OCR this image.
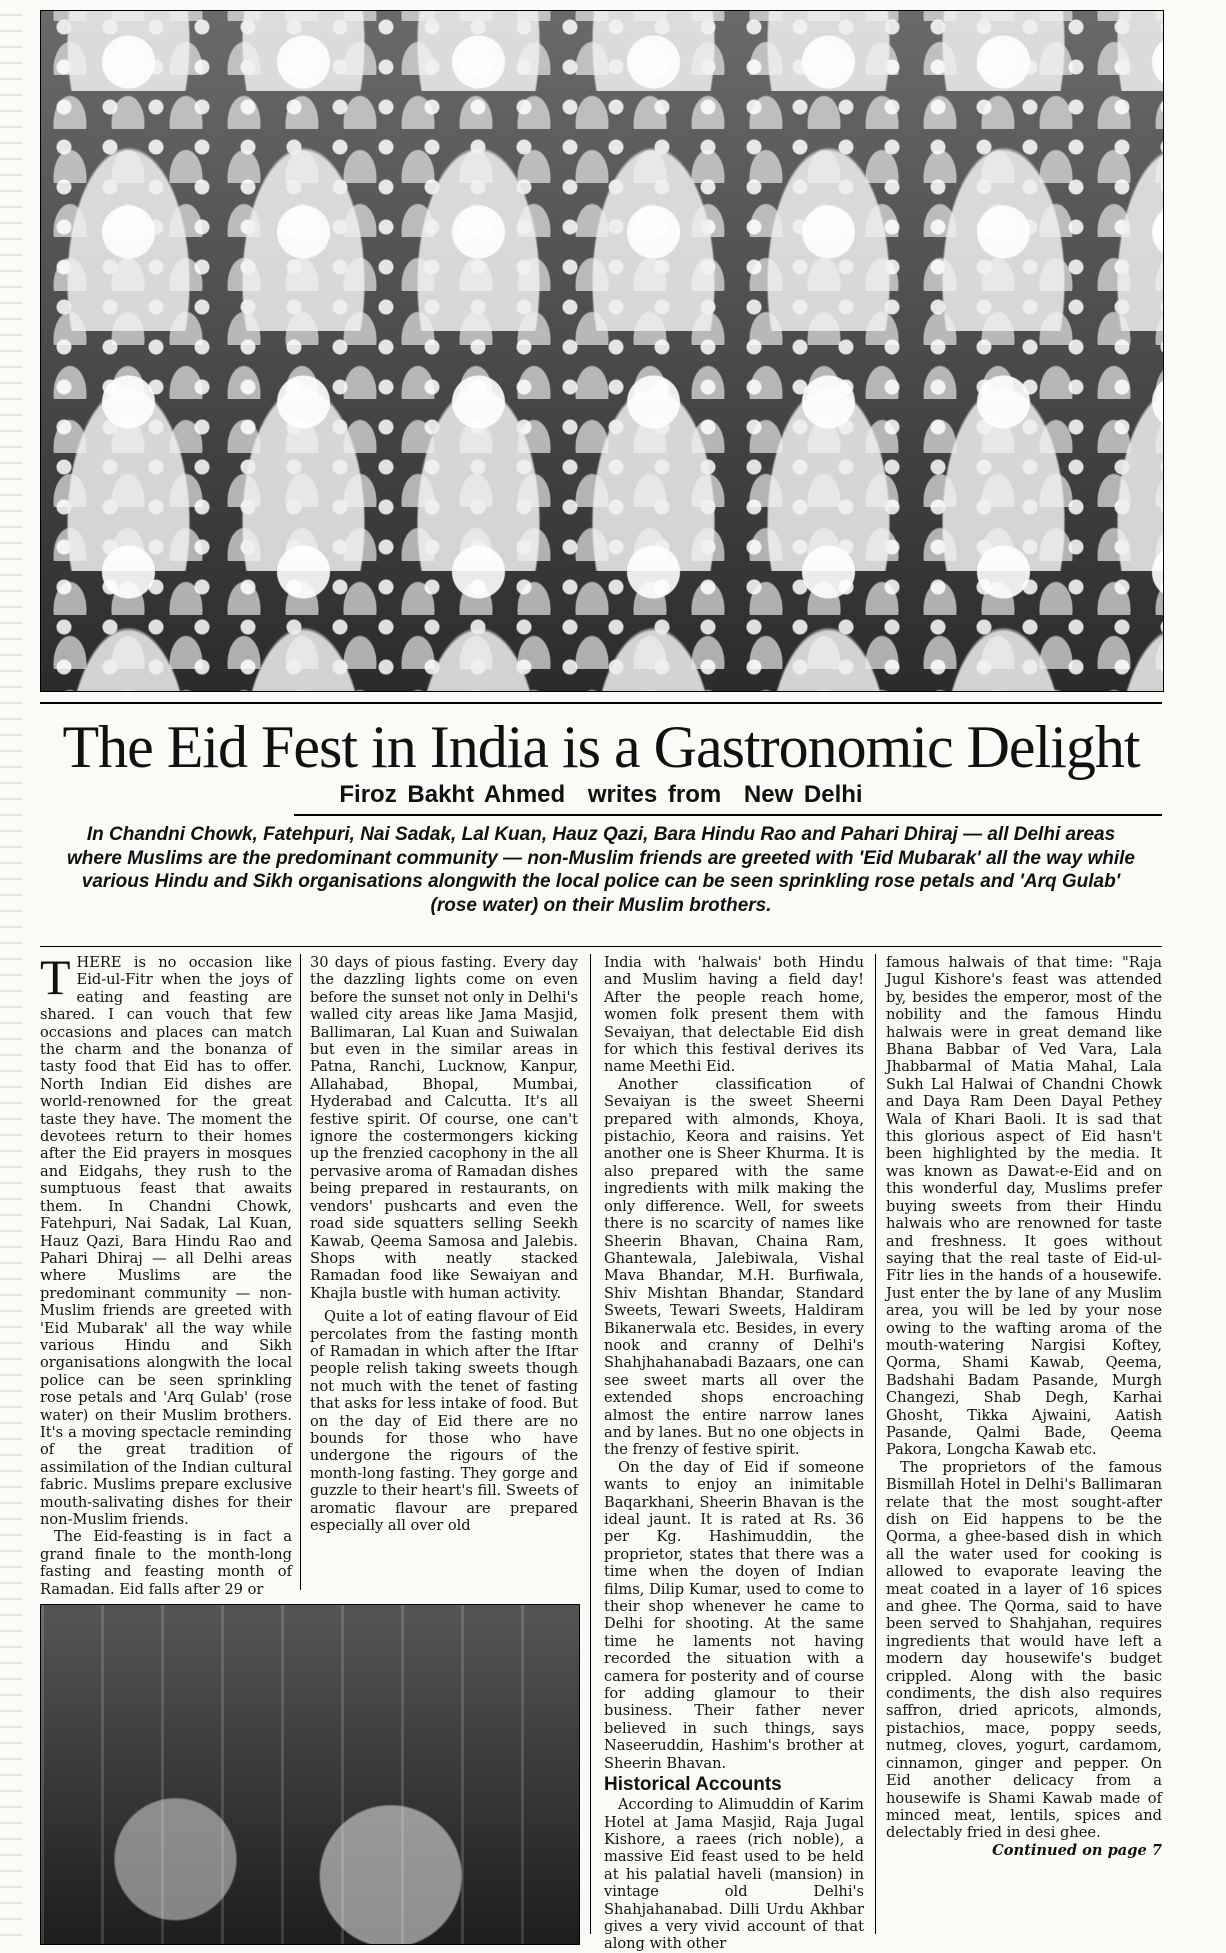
The Eid Fest in India is a Gastronomic Delight
Firoz Bakht Ahmed writes from New Delhi
In Chandni Chowk, Fatehpuri, Nai Sadak, Lal Kuan, Hauz Qazi, Bara Hindu Rao and Pahari Dhiraj — all Delhi areas where Muslims are the predominant community — non-Muslim friends are greeted with 'Eid Mubarak' all the way while various Hindu and Sikh organisations alongwith the local police can be seen sprinkling rose petals and 'Arq Gulab' (rose water) on their Muslim brothers.

THERE is no occasion like Eid-ul-Fitr when the joys of eating and feasting are shared. I can vouch that few occasions and places can match the charm and the bonanza of tasty food that Eid has to offer. North Indian Eid dishes are world-renowned for the great taste they have. The moment the devotees return to their homes after the Eid prayers in mosques and Eidgahs, they rush to the sumptuous feast that awaits them. In Chandni Chowk, Fatehpuri, Nai Sadak, Lal Kuan, Hauz Qazi, Bara Hindu Rao and Pahari Dhiraj — all Delhi areas where Muslims are the predominant community — non-Muslim friends are greeted with 'Eid Mubarak' all the way while various Hindu and Sikh organisations alongwith the local police can be seen sprinkling rose petals and 'Arq Gulab' (rose water) on their Muslim brothers. It's a moving spectacle reminding of the great tradition of assimilation of the Indian cultural fabric. Muslims prepare exclusive mouth-salivating dishes for their non-Muslim friends.

The Eid-feasting is in fact a grand finale to the month-long fasting and feasting month of Ramadan. Eid falls after 29 or

30 days of pious fasting. Every day the dazzling lights come on even before the sunset not only in Delhi's walled city areas like Jama Masjid, Ballimaran, Lal Kuan and Suiwalan but even in the similar areas in Patna, Ranchi, Lucknow, Kanpur, Allahabad, Bhopal, Mumbai, Hyderabad and Calcutta. It's all festive spirit. Of course, one can't ignore the costermongers kicking up the frenzied cacophony in the all pervasive aroma of Ramadan dishes being prepared in restaurants, on vendors' pushcarts and even the road side squatters selling Seekh Kawab, Qeema Samosa and Jalebis. Shops with neatly stacked Ramadan food like Sewaiyan and Khajla bustle with human activity.

Quite a lot of eating flavour of Eid percolates from the fasting month of Ramadan in which after the Iftar people relish taking sweets though not much with the tenet of fasting that asks for less intake of food. But on the day of Eid there are no bounds for those who have undergone the rigours of the month-long fasting. They gorge and guzzle to their heart's fill. Sweets of aromatic flavour are prepared especially all over old

India with 'halwais' both Hindu and Muslim having a field day! After the people reach home, women folk present them with Sevaiyan, that delectable Eid dish for which this festival derives its name Meethi Eid.

Another classification of Sevaiyan is the sweet Sheerni prepared with almonds, Khoya, pistachio, Keora and raisins. Yet another one is Sheer Khurma. It is also prepared with the same ingredients with milk making the only difference. Well, for sweets there is no scarcity of names like Sheerin Bhavan, Chaina Ram, Ghantewala, Jalebiwala, Vishal Mava Bhandar, M.H. Burfiwala, Shiv Mishtan Bhandar, Standard Sweets, Tewari Sweets, Haldiram Bikanerwala etc. Besides, in every nook and cranny of Delhi's Shahjhahanabadi Bazaars, one can see sweet marts all over the extended shops encroaching almost the entire narrow lanes and by lanes. But no one objects in the frenzy of festive spirit.

On the day of Eid if someone wants to enjoy an inimitable Baqarkhani, Sheerin Bhavan is the ideal jaunt. It is rated at Rs. 36 per Kg. Hashimuddin, the proprietor, states that there was a time when the doyen of Indian films, Dilip Kumar, used to come to their shop whenever he came to Delhi for shooting. At the same time he laments not having recorded the situation with a camera for posterity and of course for adding glamour to their business. Their father never believed in such things, says Naseeruddin, Hashim's brother at Sheerin Bhavan.

Historical Accounts

According to Alimuddin of Karim Hotel at Jama Masjid, Raja Jugal Kishore, a raees (rich noble), a massive Eid feast used to be held at his palatial haveli (mansion) in vintage old Delhi's Shahjahanabad. Dilli Urdu Akhbar gives a very vivid account of that along with other

famous halwais of that time: "Raja Jugul Kishore's feast was attended by, besides the emperor, most of the nobility and the famous Hindu halwais were in great demand like Bhana Babbar of Ved Vara, Lala Jhabbarmal of Matia Mahal, Lala Sukh Lal Halwai of Chandni Chowk and Daya Ram Deen Dayal Pethey Wala of Khari Baoli. It is sad that this glorious aspect of Eid hasn't been highlighted by the media. It was known as Dawat-e-Eid and on this wonderful day, Muslims prefer buying sweets from their Hindu halwais who are renowned for taste and freshness. It goes without saying that the real taste of Eid-ul-Fitr lies in the hands of a housewife. Just enter the by lane of any Muslim area, you will be led by your nose owing to the wafting aroma of the mouth-watering Nargisi Koftey, Qorma, Shami Kawab, Qeema, Badshahi Badam Pasande, Murgh Changezi, Shab Degh, Karhai Ghosht, Tikka Ajwaini, Aatish Pasande, Qalmi Bade, Qeema Pakora, Longcha Kawab etc.

The proprietors of the famous Bismillah Hotel in Delhi's Ballimaran relate that the most sought-after dish on Eid happens to be the Qorma, a ghee-based dish in which all the water used for cooking is allowed to evaporate leaving the meat coated in a layer of 16 spices and ghee. The Qorma, said to have been served to Shahjahan, requires ingredients that would have left a modern day housewife's budget crippled. Along with the basic condiments, the dish also requires saffron, dried apricots, almonds, pistachios, mace, poppy seeds, nutmeg, cloves, yogurt, cardamom, cinnamon, ginger and pepper. On Eid another delicacy from a housewife is Shami Kawab made of minced meat, lentils, spices and delectably fried in desi ghee.

Continued on page 7
